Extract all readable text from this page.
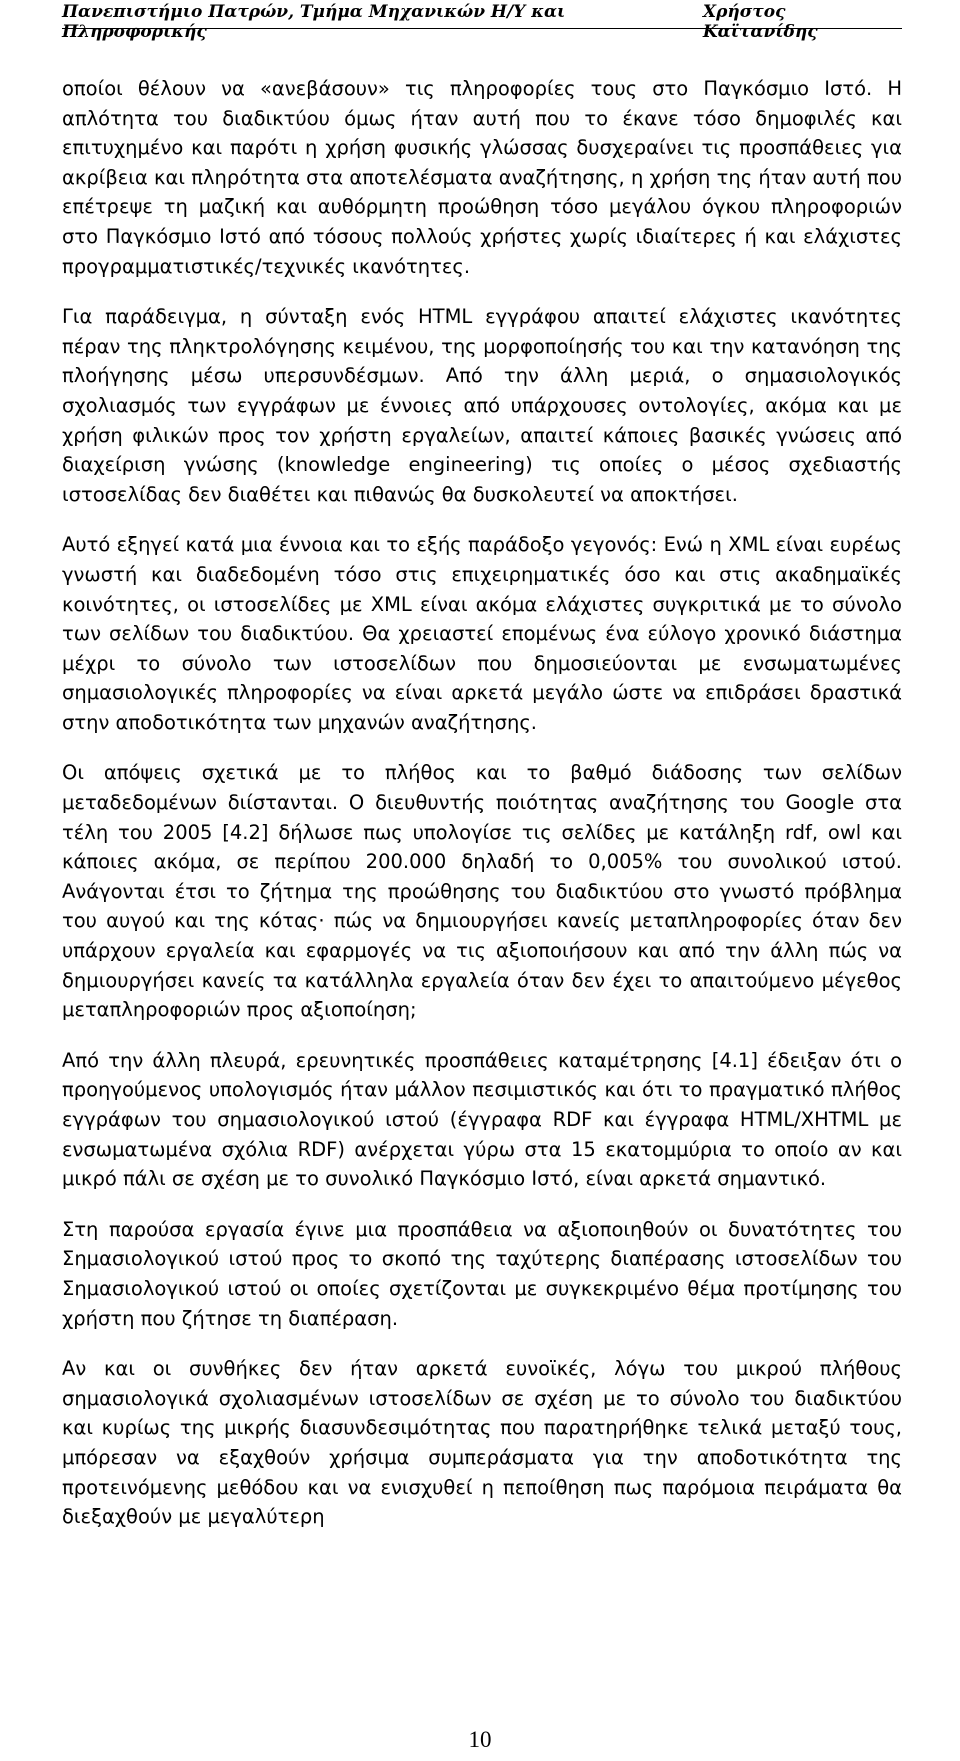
Πανεπιστήμιο Πατρών, Τμήμα Μηχανικών Η/Υ και Πληροφορικής
Χρήστος Καϊτανίδης

οποίοι θέλουν να «ανεβάσουν» τις πληροφορίες τους στο Παγκόσμιο Ιστό. Η απλότητα του διαδικτύου όμως ήταν αυτή που το έκανε τόσο δημοφιλές και επιτυχημένο και παρότι η χρήση φυσικής γλώσσας δυσχεραίνει τις προσπάθειες για ακρίβεια και πληρότητα στα αποτελέσματα αναζήτησης, η χρήση της ήταν αυτή που επέτρεψε τη μαζική και αυθόρμητη προώθηση τόσο μεγάλου όγκου πληροφοριών στο Παγκόσμιο Ιστό από τόσους πολλούς χρήστες χωρίς ιδιαίτερες ή και ελάχιστες προγραμματιστικές/τεχνικές ικανότητες.

Για παράδειγμα, η σύνταξη ενός HTML εγγράφου απαιτεί ελάχιστες ικανότητες πέραν της πληκτρολόγησης κειμένου, της μορφοποίησής του και την κατανόηση της πλοήγησης μέσω υπερσυνδέσμων. Από την άλλη μεριά, ο σημασιολογικός σχολιασμός των εγγράφων με έννοιες από υπάρχουσες οντολογίες, ακόμα και με χρήση φιλικών προς τον χρήστη εργαλείων, απαιτεί κάποιες βασικές γνώσεις από διαχείριση γνώσης (knowledge engineering) τις οποίες ο μέσος σχεδιαστής ιστοσελίδας δεν διαθέτει και πιθανώς θα δυσκολευτεί να αποκτήσει.

Αυτό εξηγεί κατά μια έννοια και το εξής παράδοξο γεγονός: Ενώ η XML είναι ευρέως γνωστή και διαδεδομένη τόσο στις επιχειρηματικές όσο και στις ακαδημαϊκές κοινότητες, οι ιστοσελίδες με XML είναι ακόμα ελάχιστες συγκριτικά με το σύνολο των σελίδων του διαδικτύου. Θα χρειαστεί επομένως ένα εύλογο χρονικό διάστημα μέχρι το σύνολο των ιστοσελίδων που δημοσιεύονται με ενσωματωμένες σημασιολογικές πληροφορίες να είναι αρκετά μεγάλο ώστε να επιδράσει δραστικά στην αποδοτικότητα των μηχανών αναζήτησης.

Οι απόψεις σχετικά με το πλήθος και το βαθμό διάδοσης των σελίδων μεταδεδομένων διίστανται. Ο διευθυντής ποιότητας αναζήτησης του Google στα τέλη του 2005 [4.2] δήλωσε πως υπολογίσε τις σελίδες με κατάληξη rdf, owl και κάποιες ακόμα, σε περίπου 200.000 δηλαδή το 0,005% του συνολικού ιστού. Ανάγονται έτσι το ζήτημα της προώθησης του διαδικτύου στο γνωστό πρόβλημα του αυγού και της κότας· πώς να δημιουργήσει κανείς μεταπληροφορίες όταν δεν υπάρχουν εργαλεία και εφαρμογές να τις αξιοποιήσουν και από την άλλη πώς να δημιουργήσει κανείς τα κατάλληλα εργαλεία όταν δεν έχει το απαιτούμενο μέγεθος μεταπληροφοριών προς αξιοποίηση;

Από την άλλη πλευρά, ερευνητικές προσπάθειες καταμέτρησης [4.1] έδειξαν ότι ο προηγούμενος υπολογισμός ήταν μάλλον πεσιμιστικός και ότι το πραγματικό πλήθος εγγράφων του σημασιολογικού ιστού (έγγραφα RDF και έγγραφα HTML/XHTML με ενσωματωμένα σχόλια RDF) ανέρχεται γύρω στα 15 εκατομμύρια το οποίο αν και μικρό πάλι σε σχέση με το συνολικό Παγκόσμιο Ιστό, είναι αρκετά σημαντικό.

Στη παρούσα εργασία έγινε μια προσπάθεια να αξιοποιηθούν οι δυνατότητες του Σημασιολογικού ιστού προς το σκοπό της ταχύτερης διαπέρασης ιστοσελίδων του Σημασιολογικού ιστού οι οποίες σχετίζονται με συγκεκριμένο θέμα προτίμησης του χρήστη που ζήτησε τη διαπέραση.

Αν και οι συνθήκες δεν ήταν αρκετά ευνοϊκές, λόγω του μικρού πλήθους σημασιολογικά σχολιασμένων ιστοσελίδων σε σχέση με το σύνολο του διαδικτύου και κυρίως της μικρής διασυνδεσιμότητας που παρατηρήθηκε τελικά μεταξύ τους, μπόρεσαν να εξαχθούν χρήσιμα συμπεράσματα για την αποδοτικότητα της προτεινόμενης μεθόδου και να ενισχυθεί η πεποίθηση πως παρόμοια πειράματα θα διεξαχθούν με μεγαλύτερη

10
